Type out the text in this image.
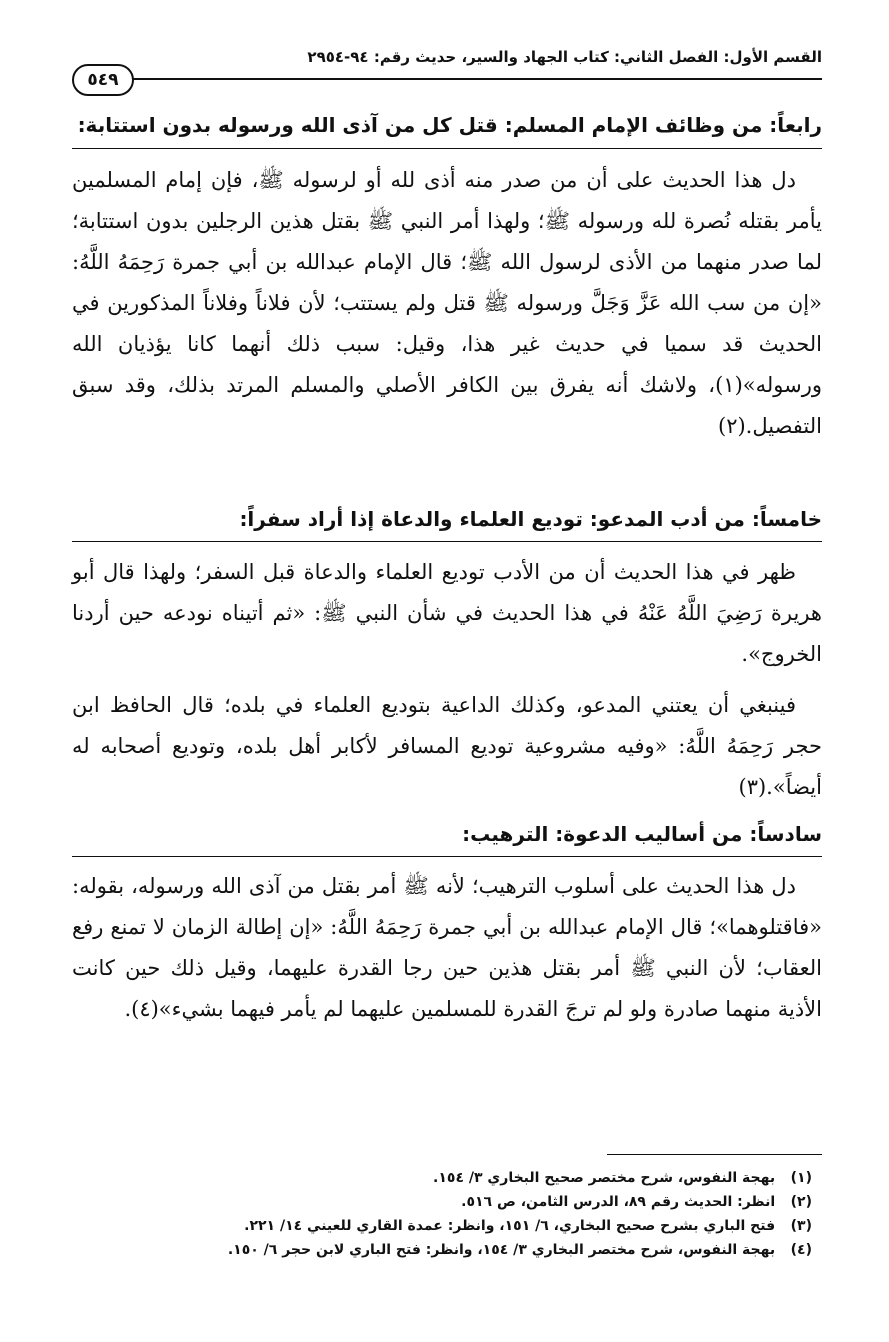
القسم الأول: الفصل الثاني: كتاب الجهاد والسير، حديث رقم: ٩٤-٢٩٥٤
٥٤٩
رابعاً: من وظائف الإمام المسلم: قتل كل من آذى الله ورسوله بدون استتابة:

دل هذا الحديث على أن من صدر منه أذى لله أو لرسوله ﷺ، فإن إمام المسلمين يأمر بقتله نُصرة لله ورسوله ﷺ؛ ولهذا أمر النبي ﷺ بقتل هذين الرجلين بدون استتابة؛ لما صدر منهما من الأذى لرسول الله ﷺ؛ قال الإمام عبدالله بن أبي جمرة رَحِمَهُ اللَّهُ: «إن من سب الله عَزَّ وَجَلَّ ورسوله ﷺ قتل ولم يستتب؛ لأن فلاناً وفلاناً المذكورين في الحديث قد سميا في حديث غير هذا، وقيل: سبب ذلك أنهما كانا يؤذيان الله ورسوله»(١)، ولاشك أنه يفرق بين الكافر الأصلي والمسلم المرتد بذلك، وقد سبق التفصيل.(٢)

خامساً: من أدب المدعو: توديع العلماء والدعاة إذا أراد سفراً:

ظهر في هذا الحديث أن من الأدب توديع العلماء والدعاة قبل السفر؛ ولهذا قال أبو هريرة رَضِيَ اللَّهُ عَنْهُ في هذا الحديث في شأن النبي ﷺ: «ثم أتيناه نودعه حين أردنا الخروج».

فينبغي أن يعتني المدعو، وكذلك الداعية بتوديع العلماء في بلده؛ قال الحافظ ابن حجر رَحِمَهُ اللَّهُ: «وفيه مشروعية توديع المسافر لأكابر أهل بلده، وتوديع أصحابه له أيضاً».(٣)

سادساً: من أساليب الدعوة: الترهيب:

دل هذا الحديث على أسلوب الترهيب؛ لأنه ﷺ أمر بقتل من آذى الله ورسوله، بقوله: «فاقتلوهما»؛ قال الإمام عبدالله بن أبي جمرة رَحِمَهُ اللَّهُ: «إن إطالة الزمان لا تمنع رفع العقاب؛ لأن النبي ﷺ أمر بقتل هذين حين رجا القدرة عليهما، وقيل ذلك حين كانت الأذية منهما صادرة ولو لم ترجَ القدرة للمسلمين عليهما لم يأمر فيهما بشيء»(٤).

(١) بهجة النفوس، شرح مختصر صحيح البخاري ٣/ ١٥٤.
(٢) انظر: الحديث رقم ٨٩، الدرس الثامن، ص ٥١٦.
(٣) فتح الباري بشرح صحيح البخاري، ٦/ ١٥١، وانظر: عمدة القاري للعيني ١٤/ ٢٢١.
(٤) بهجة النفوس، شرح مختصر البخاري ٣/ ١٥٤، وانظر: فتح الباري لابن حجر ٦/ ١٥٠.
